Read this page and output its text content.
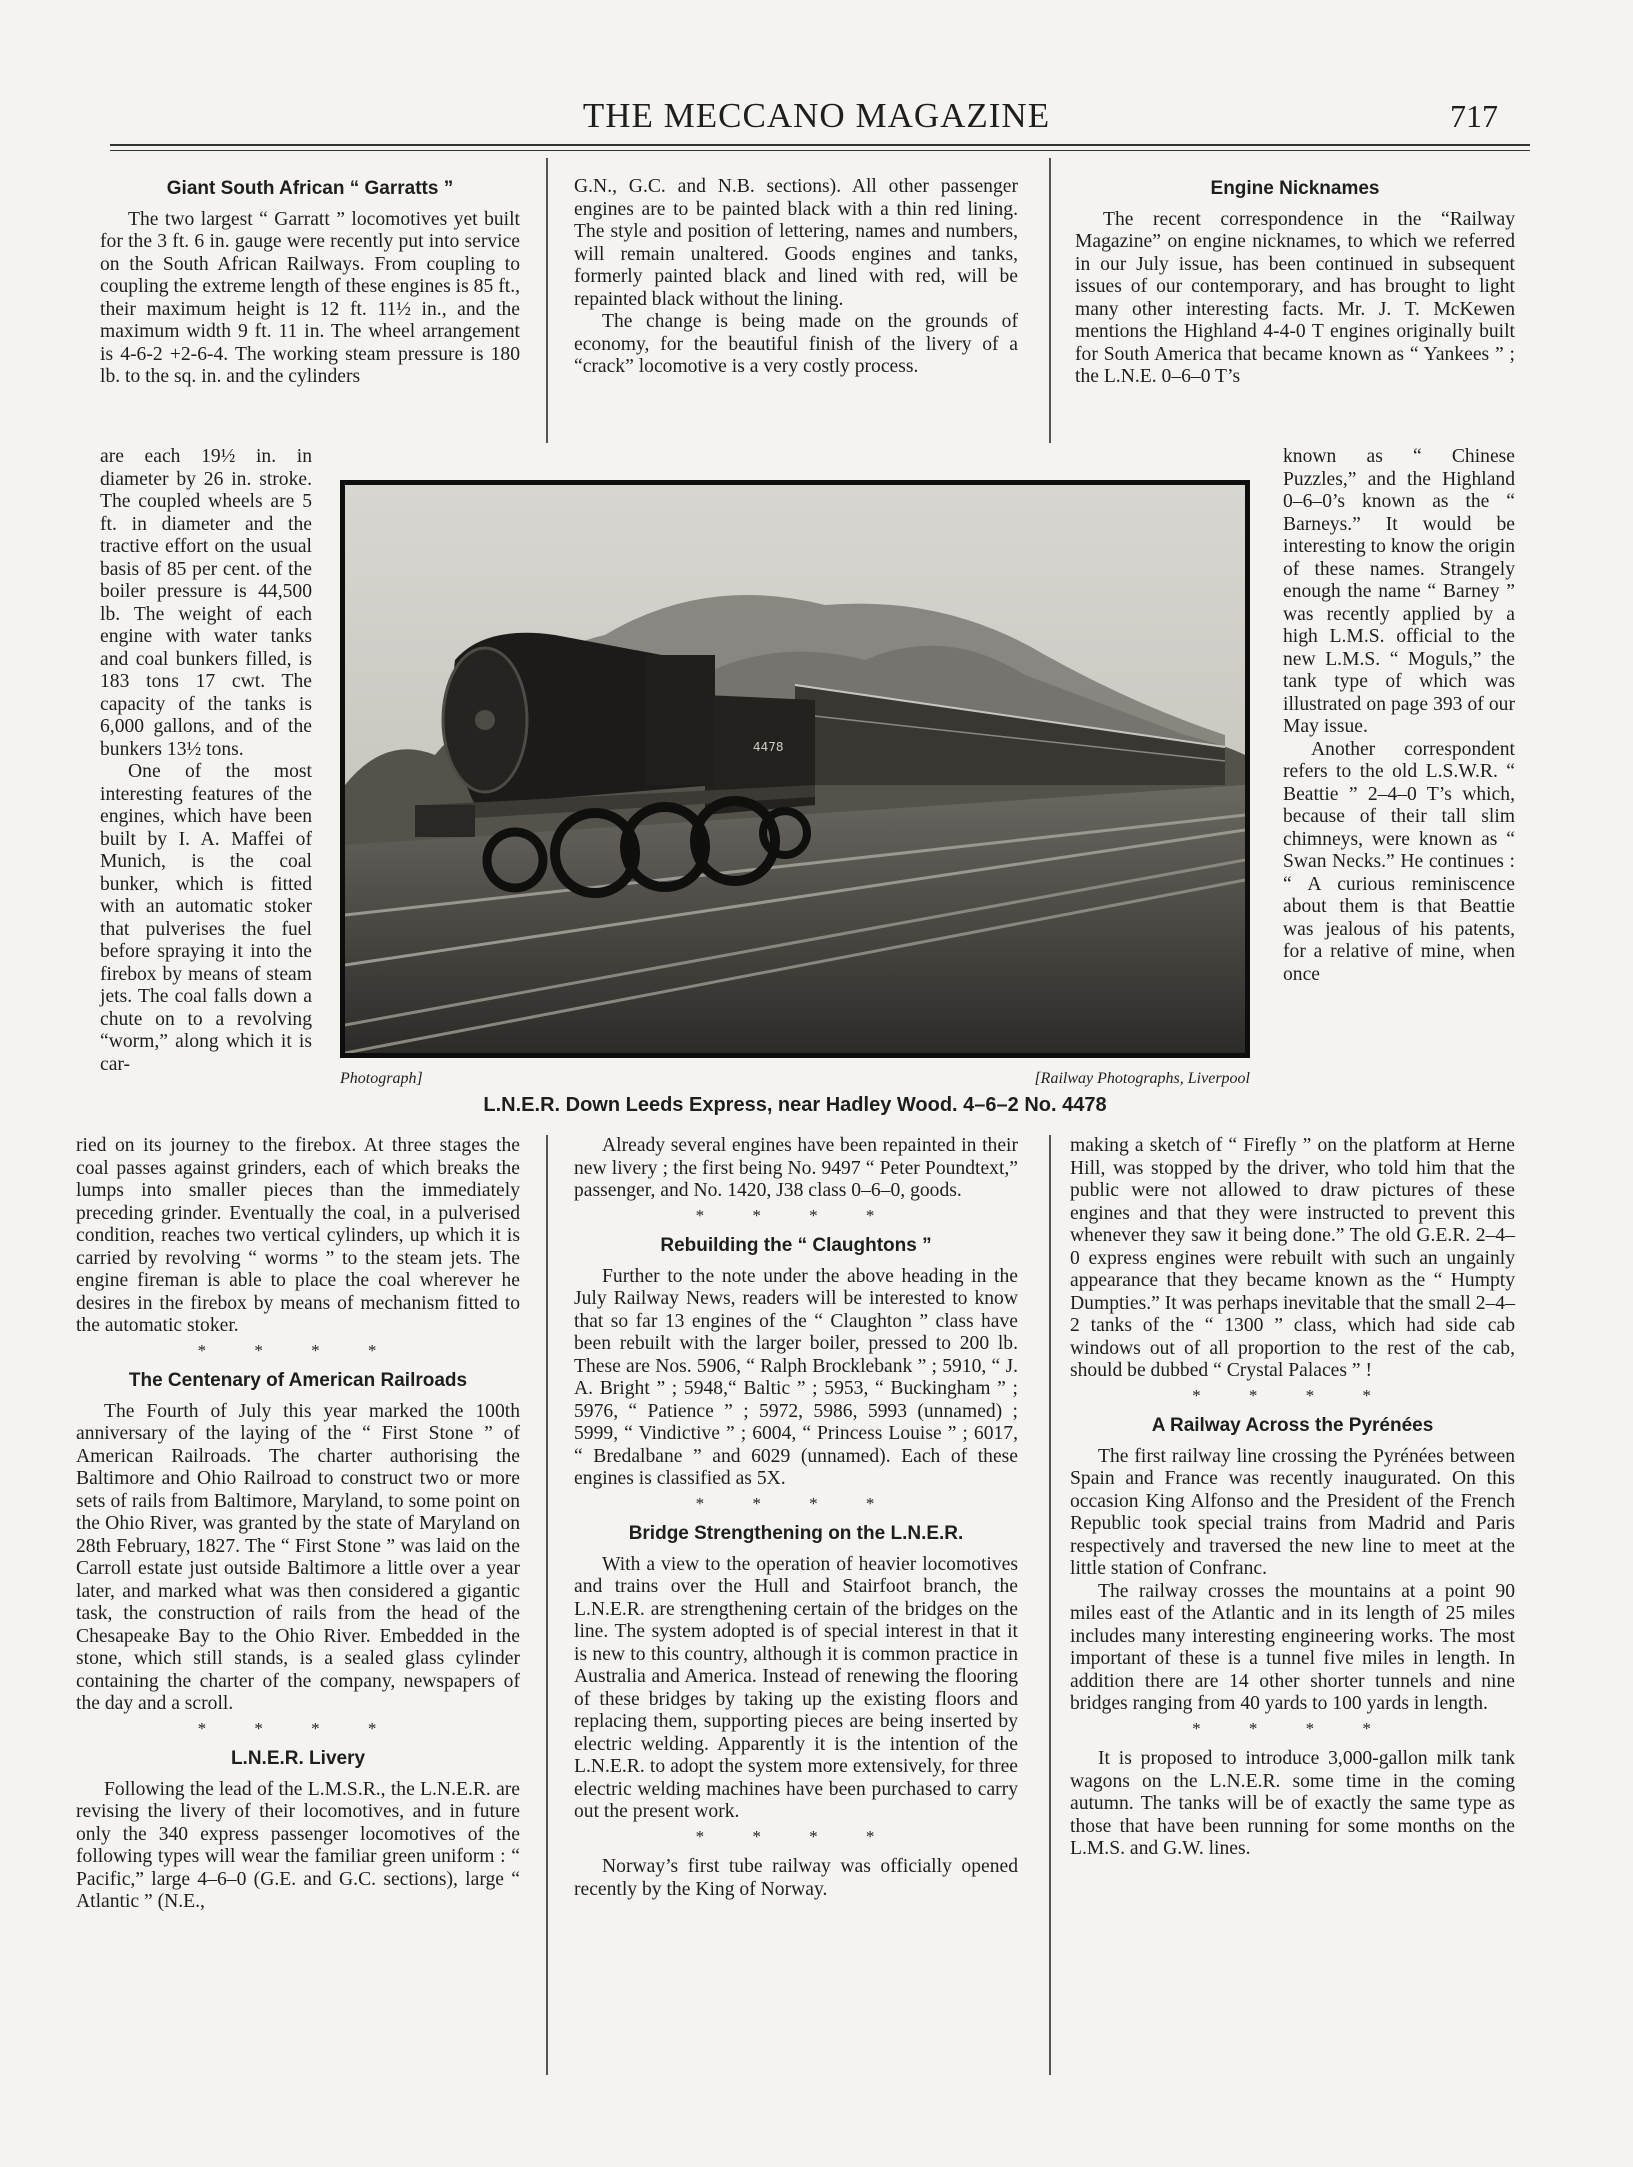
THE MECCANO MAGAZINE	717
Giant South African “ Garratts ”

The two largest “ Garratt ” locomotives yet built for the 3 ft. 6 in. gauge were recently put into service on the South African Railways. From coupling to coupling the extreme length of these engines is 85 ft., their maximum height is 12 ft. 11½ in., and the maximum width 9 ft. 11 in. The wheel arrangement is 4-6-2 +2-6-4. The working steam pressure is 180 lb. to the sq. in. and the cylinders

are each 19½ in. in diameter by 26 in. stroke. The coupled wheels are 5 ft. in diameter and the tractive effort on the usual basis of 85 per cent. of the boiler pressure is 44,500 lb. The weight of each engine with water tanks and coal bunkers filled, is 183 tons 17 cwt. The capacity of the tanks is 6,000 gallons, and of the bunkers 13½ tons.

One of the most interesting features of the engines, which have been built by I. A. Maffei of Munich, is the coal bunker, which is fitted with an automatic stoker that pulverises the fuel before spraying it into the firebox by means of steam jets. The coal falls down a chute on to a revolving “worm,” along which it is car-

ried on its journey to the firebox. At three stages the coal passes against grinders, each of which breaks the lumps into smaller pieces than the immediately preceding grinder. Eventually the coal, in a pulverised condition, reaches two vertical cylinders, up which it is carried by revolving “ worms ” to the steam jets. The engine fireman is able to place the coal wherever he desires in the firebox by means of mechanism fitted to the automatic stoker.

* * * *
The Centenary of American Railroads

The Fourth of July this year marked the 100th anniversary of the laying of the “ First Stone ” of American Railroads. The charter authorising the Baltimore and Ohio Railroad to construct two or more sets of rails from Baltimore, Maryland, to some point on the Ohio River, was granted by the state of Maryland on 28th February, 1827. The “ First Stone ” was laid on the Carroll estate just outside Baltimore a little over a year later, and marked what was then considered a gigantic task, the construction of rails from the head of the Chesapeake Bay to the Ohio River. Embedded in the stone, which still stands, is a sealed glass cylinder containing the charter of the company, newspapers of the day and a scroll.

* * * *
L.N.E.R. Livery

Following the lead of the L.M.S.R., the L.N.E.R. are revising the livery of their locomotives, and in future only the 340 express passenger locomotives of the following types will wear the familiar green uniform : “ Pacific,” large 4–6–0 (G.E. and G.C. sections), large “ Atlantic ” (N.E.,

G.N., G.C. and N.B. sections). All other passenger engines are to be painted black with a thin red lining. The style and position of lettering, names and numbers, will remain unaltered. Goods engines and tanks, formerly painted black and lined with red, will be repainted black without the lining.

The change is being made on the grounds of economy, for the beautiful finish of the livery of a “crack” locomotive is a very costly process.

Already several engines have been repainted in their new livery ; the first being No. 9497 “ Peter Poundtext,” passenger, and No. 1420, J38 class 0–6–0, goods.

* * * *
Rebuilding the “ Claughtons ”

Further to the note under the above heading in the July Railway News, readers will be interested to know that so far 13 engines of the “ Claughton ” class have been rebuilt with the larger boiler, pressed to 200 lb. These are Nos. 5906, “ Ralph Brocklebank ” ; 5910, “ J. A. Bright ” ; 5948,“ Baltic ” ; 5953, “ Buckingham ” ; 5976, “ Patience ” ; 5972, 5986, 5993 (unnamed) ; 5999, “ Vindictive ” ; 6004, “ Princess Louise ” ; 6017, “ Bredalbane ” and 6029 (unnamed). Each of these engines is classified as 5X.

* * * *
Bridge Strengthening on the L.N.E.R.

With a view to the operation of heavier locomotives and trains over the Hull and Stairfoot branch, the L.N.E.R. are strengthening certain of the bridges on the line. The system adopted is of special interest in that it is new to this country, although it is common practice in Australia and America. Instead of renewing the flooring of these bridges by taking up the existing floors and replacing them, supporting pieces are being inserted by electric welding. Apparently it is the intention of the L.N.E.R. to adopt the system more extensively, for three electric welding machines have been purchased to carry out the present work.

* * * *

Norway’s first tube railway was officially opened recently by the King of Norway.

Engine Nicknames

The recent correspondence in the “Railway Magazine” on engine nicknames, to which we referred in our July issue, has been continued in subsequent issues of our contemporary, and has brought to light many other interesting facts. Mr. J. T. McKewen mentions the Highland 4-4-0 T engines originally built for South America that became known as “ Yankees ” ; the L.N.E. 0–6–0 T’s

known as “ Chinese Puzzles,” and the Highland 0–6–0’s known as the “ Barneys.” It would be interesting to know the origin of these names. Strangely enough the name “ Barney ” was recently applied by a high L.M.S. official to the new L.M.S. “ Moguls,” the tank type of which was illustrated on page 393 of our May issue.

Another correspondent refers to the old L.S.W.R. “ Beattie ” 2–4–0 T’s which, because of their tall slim chimneys, were known as “ Swan Necks.” He continues : “ A curious reminiscence about them is that Beattie was jealous of his patents, for a relative of mine, when once

making a sketch of “ Firefly ” on the platform at Herne Hill, was stopped by the driver, who told him that the public were not allowed to draw pictures of these engines and that they were instructed to prevent this whenever they saw it being done.” The old G.E.R. 2–4–0 express engines were rebuilt with such an ungainly appearance that they became known as the “ Humpty Dumpties.” It was perhaps inevitable that the small 2–4–2 tanks of the “ 1300 ” class, which had side cab windows out of all proportion to the rest of the cab, should be dubbed “ Crystal Palaces ” !

* * * *
A Railway Across the Pyrénées

The first railway line crossing the Pyrénées between Spain and France was recently inaugurated. On this occasion King Alfonso and the President of the French Republic took special trains from Madrid and Paris respectively and traversed the new line to meet at the little station of Confranc.

The railway crosses the mountains at a point 90 miles east of the Atlantic and in its length of 25 miles includes many interesting engineering works. The most important of these is a tunnel five miles in length. In addition there are 14 other shorter tunnels and nine bridges ranging from 40 yards to 100 yards in length.

* * * *

It is proposed to introduce 3,000-gallon milk tank wagons on the L.N.E.R. some time in the coming autumn. The tanks will be of exactly the same type as those that have been running for some months on the L.M.S. and G.W. lines.

4478
Photograph]	[Railway Photographs, Liverpool
L.N.E.R. Down Leeds Express, near Hadley Wood. 4–6–2 No. 4478
